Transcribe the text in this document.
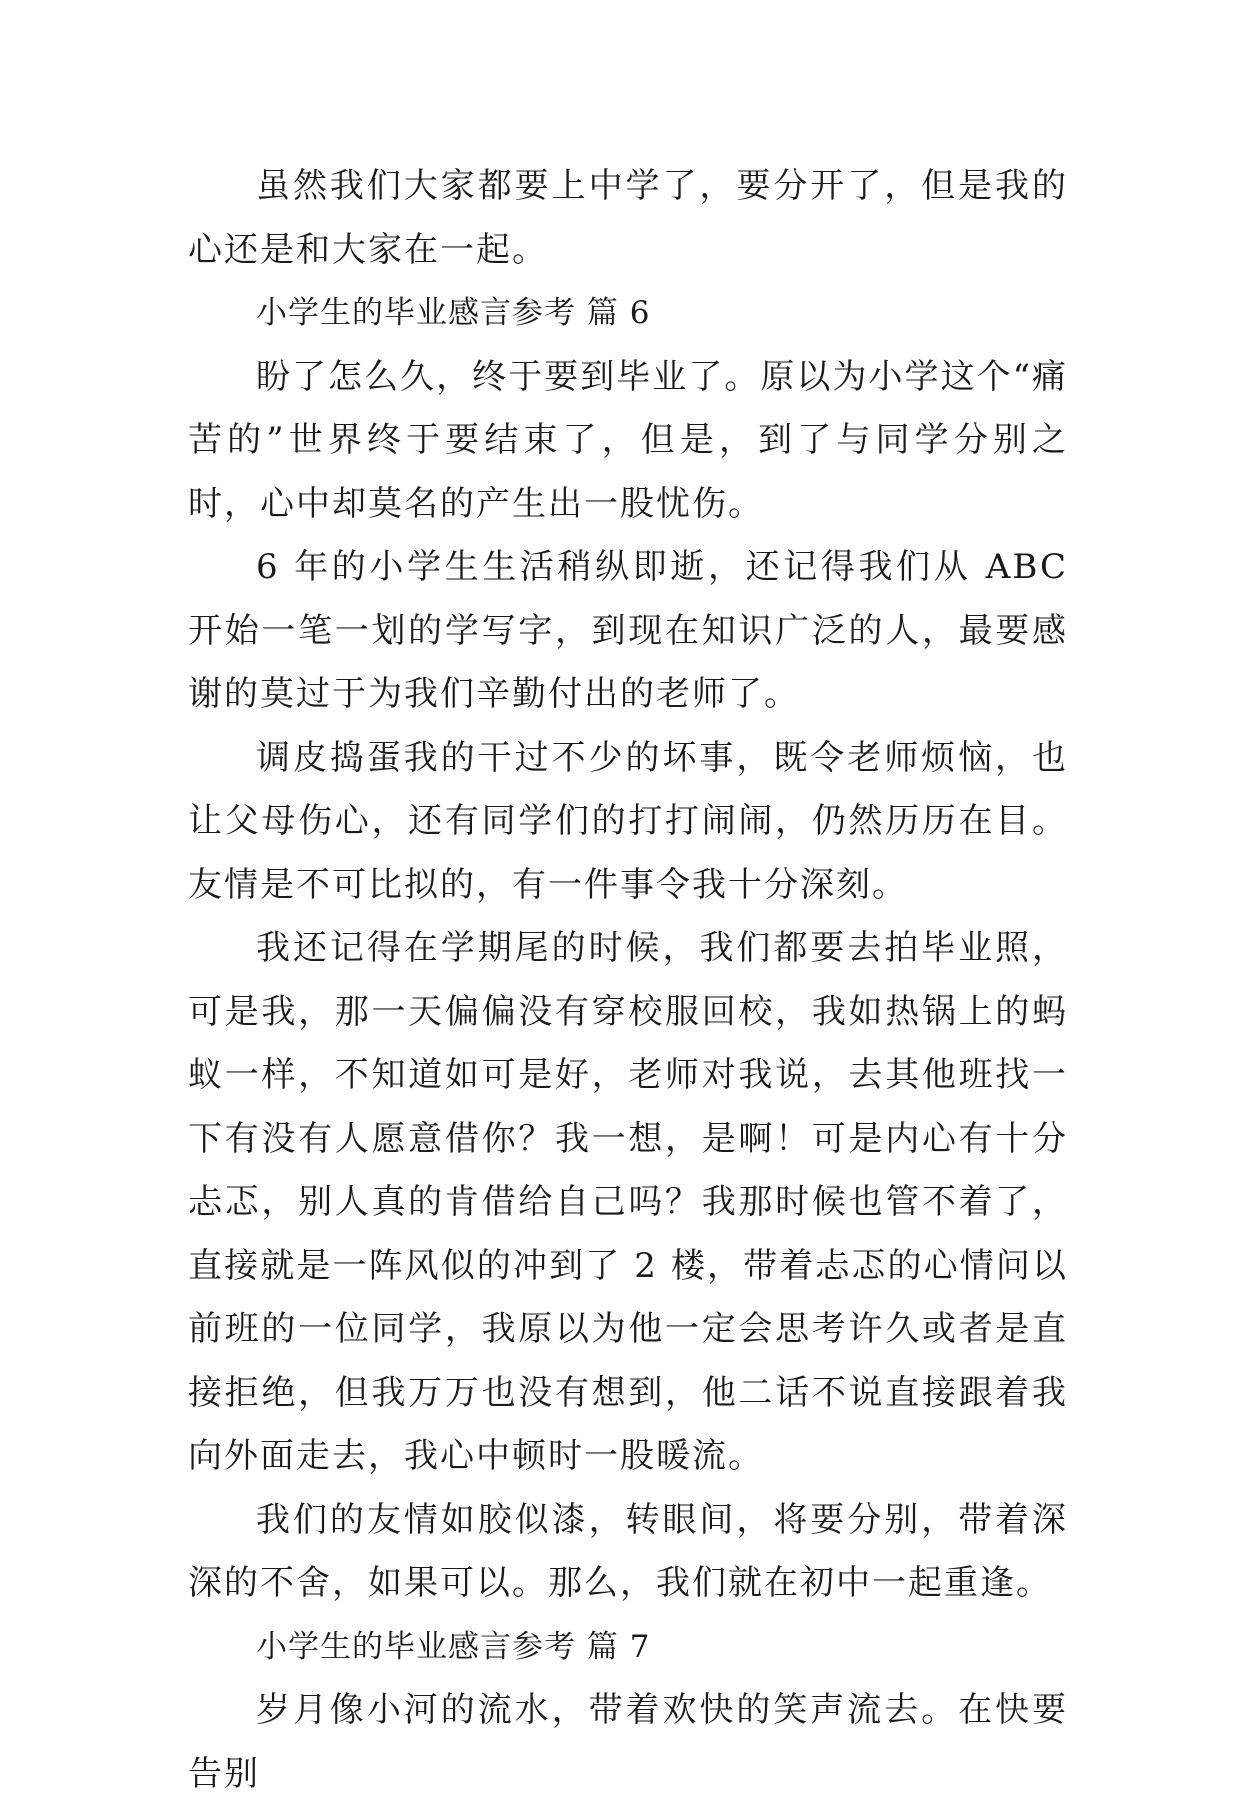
虽然我们大家都要上中学了，要分开了，但是我的心还是和大家在一起。

小学生的毕业感言参考 篇 6

盼了怎么久，终于要到毕业了。原以为小学这个“痛苦的”世界终于要结束了，但是，到了与同学分别之时，心中却莫名的产生出一股忧伤。

6 年的小学生生活稍纵即逝，还记得我们从 ABC 开始一笔一划的学写字，到现在知识广泛的人，最要感谢的莫过于为我们辛勤付出的老师了。

调皮捣蛋我的干过不少的坏事，既令老师烦恼，也让父母伤心，还有同学们的打打闹闹，仍然历历在目。友情是不可比拟的，有一件事令我十分深刻。

我还记得在学期尾的时候，我们都要去拍毕业照，可是我，那一天偏偏没有穿校服回校，我如热锅上的蚂蚁一样，不知道如可是好，老师对我说，去其他班找一下有没有人愿意借你？我一想，是啊！可是内心有十分忐忑，别人真的肯借给自己吗？我那时候也管不着了，直接就是一阵风似的冲到了 2 楼，带着忐忑的心情问以前班的一位同学，我原以为他一定会思考许久或者是直接拒绝，但我万万也没有想到，他二话不说直接跟着我向外面走去，我心中顿时一股暖流。

我们的友情如胶似漆，转眼间，将要分别，带着深深的不舍，如果可以。那么，我们就在初中一起重逢。

小学生的毕业感言参考 篇 7

岁月像小河的流水，带着欢快的笑声流去。在快要告别
